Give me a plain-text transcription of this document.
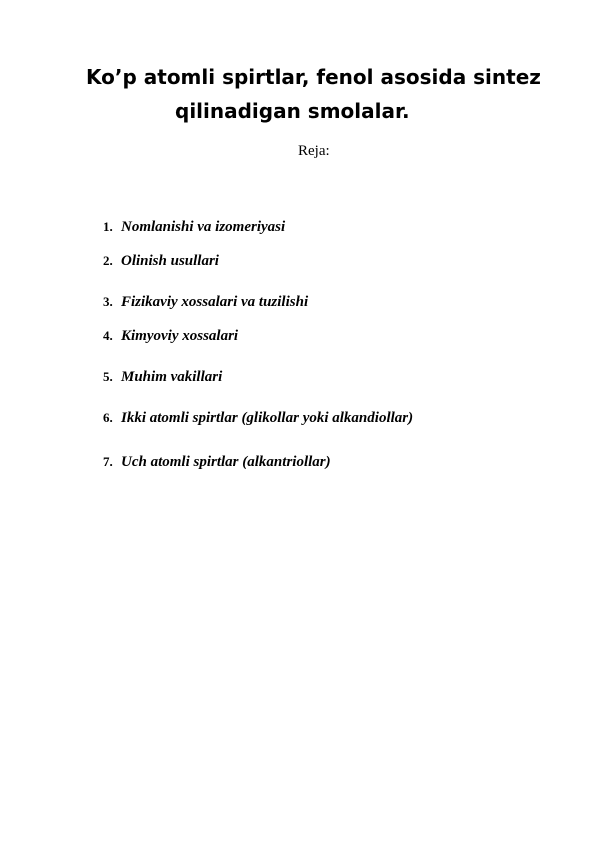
Ko’p atomli spirtlar, fenol asosida sintez
qilinadigan smolalar.
Reja:
1. Nomlanishi va izomeriyasi
2. Olinish usullari
3. Fizikaviy xossalari va tuzilishi
4. Kimyoviy xossalari
5. Muhim vakillari
6. Ikki atomli spirtlar (glikollar yoki alkandiollar)
7. Uch atomli spirtlar (alkantriollar)
